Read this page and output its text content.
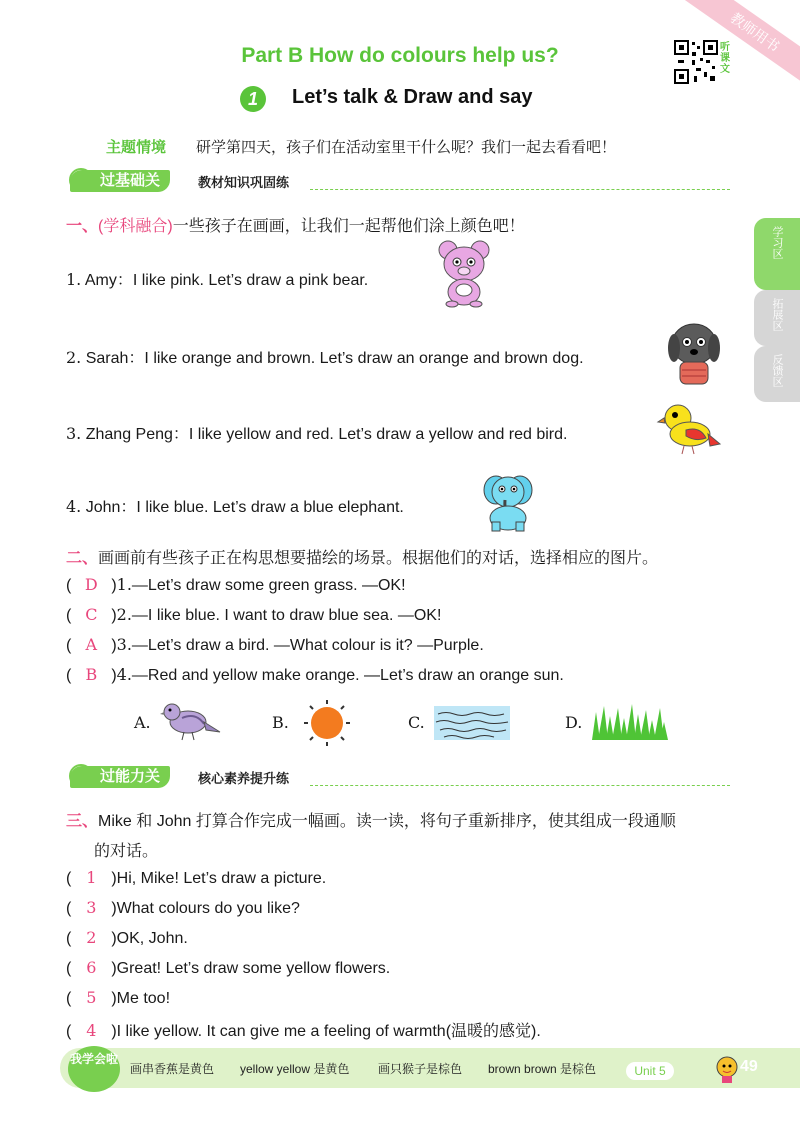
教师用书
Part B How do colours help us?	听课文
1	Let’s talk & Draw and say
主题情境 研学第四天，孩子们在活动室里干什么呢？我们一起去看看吧！
过基础关	教材知识巩固练
一、(学科融合)一些孩子在画画，让我们一起帮他们涂上颜色吧！
1. Amy：I like pink. Let’s draw a pink bear.
2. Sarah：I like orange and brown. Let’s draw an orange and brown dog.
3. Zhang Peng：I like yellow and red. Let’s draw a yellow and red bird.
4. John：I like blue. Let’s draw a blue elephant.
二、画画前有些孩子正在构思想要描绘的场景。根据他们的对话，选择相应的图片。
( D )1.—Let’s draw some green grass. —OK!
( C )2.—I like blue. I want to draw blue sea. —OK!
( A )3.—Let’s draw a bird. —What colour is it? —Purple.
( B )4.—Red and yellow make orange. —Let’s draw an orange sun.
A.	B.	C.	D.
过能力关	核心素养提升练
三、Mike 和 John 打算合作完成一幅画。读一读，将句子重新排序，使其组成一段通顺
的对话。
( 1 )Hi, Mike! Let’s draw a picture.
( 3 )What colours do you like?
( 2 )OK, John.
( 6 )Great! Let’s draw some yellow flowers.
( 5 )Me too!
( 4 )I like yellow. It can give me a feeling of warmth(温暖的感觉).
学习区
拓展区
反馈区
我学会啦
画串香蕉是黄色 yellow yellow 是黄色 画只猴子是棕色 brown brown 是棕色	Unit 5	49
